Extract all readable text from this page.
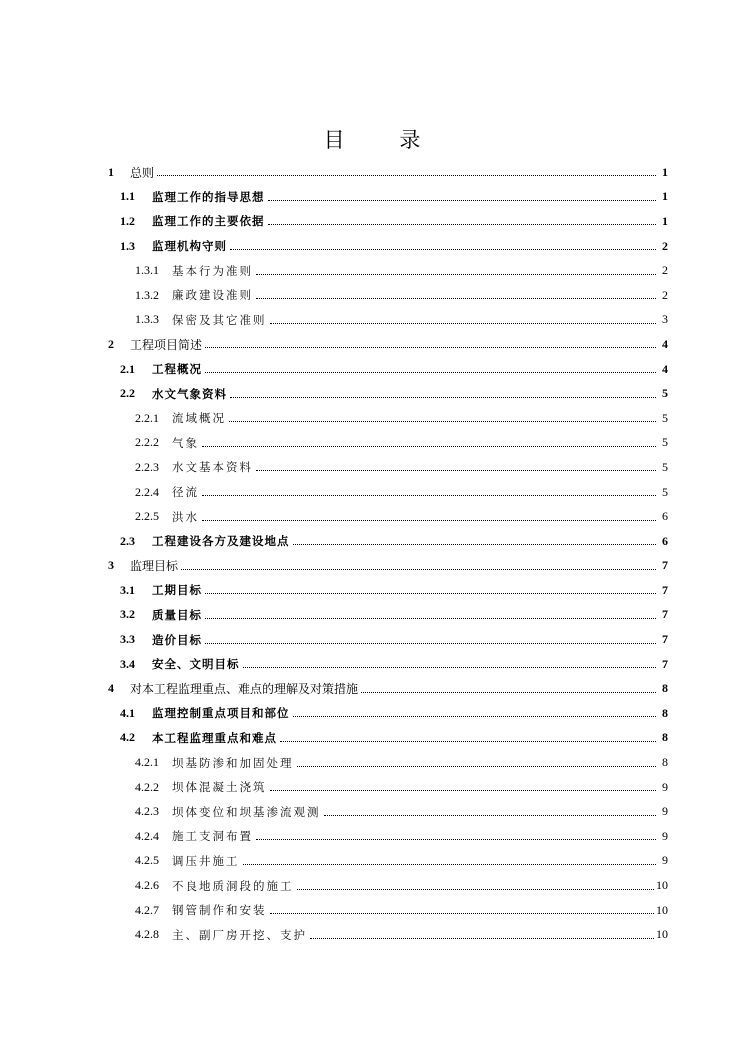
目 录
1	总则	1
1.1	监理工作的指导思想	1
1.2	监理工作的主要依据	1
1.3	监理机构守则	2
1.3.1	基本行为准则	2
1.3.2	廉政建设准则	2
1.3.3	保密及其它准则	3
2	工程项目简述	4
2.1	工程概况	4
2.2	水文气象资料	5
2.2.1	流域概况	5
2.2.2	气象	5
2.2.3	水文基本资料	5
2.2.4	径流	5
2.2.5	洪水	6
2.3	工程建设各方及建设地点	6
3	监理目标	7
3.1	工期目标	7
3.2	质量目标	7
3.3	造价目标	7
3.4	安全、文明目标	7
4	对本工程监理重点、难点的理解及对策措施	8
4.1	监理控制重点项目和部位	8
4.2	本工程监理重点和难点	8
4.2.1	坝基防渗和加固处理	8
4.2.2	坝体混凝土浇筑	9
4.2.3	坝体变位和坝基渗流观测	9
4.2.4	施工支洞布置	9
4.2.5	调压井施工	9
4.2.6	不良地质洞段的施工	10
4.2.7	钢管制作和安装	10
4.2.8	主、副厂房开挖、支护	10
